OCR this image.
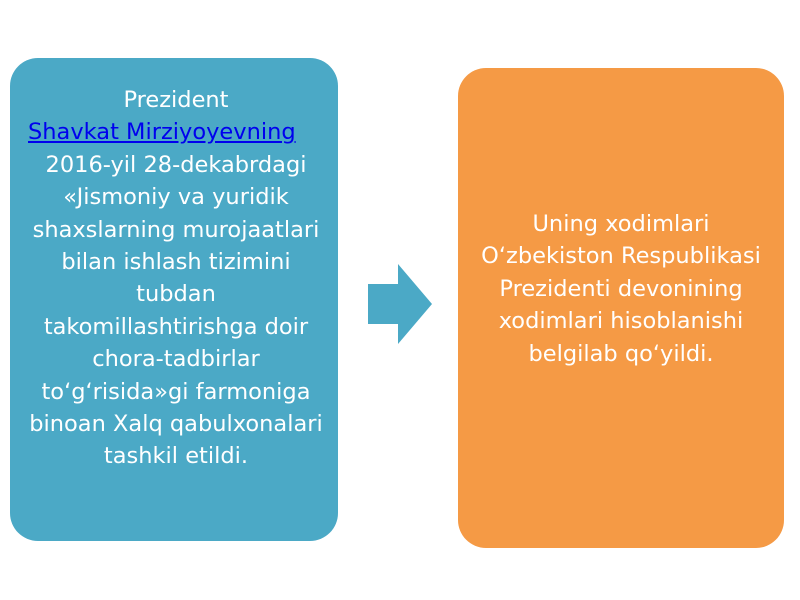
Prezident
Shavkat Mirziyoyevning
2016-yil 28-dekabrdagi «Jismoniy va yuridik shaxslarning murojaatlari bilan ishlash tizimini tubdan takomillashtirishga doir chora-tadbirlar to‘g‘risida»gi farmoniga binoan Xalq qabulxonalari tashkil etildi.
Uning xodimlari O‘zbekiston Respublikasi Prezidenti devonining xodimlari hisoblanishi belgilab qo‘yildi.
